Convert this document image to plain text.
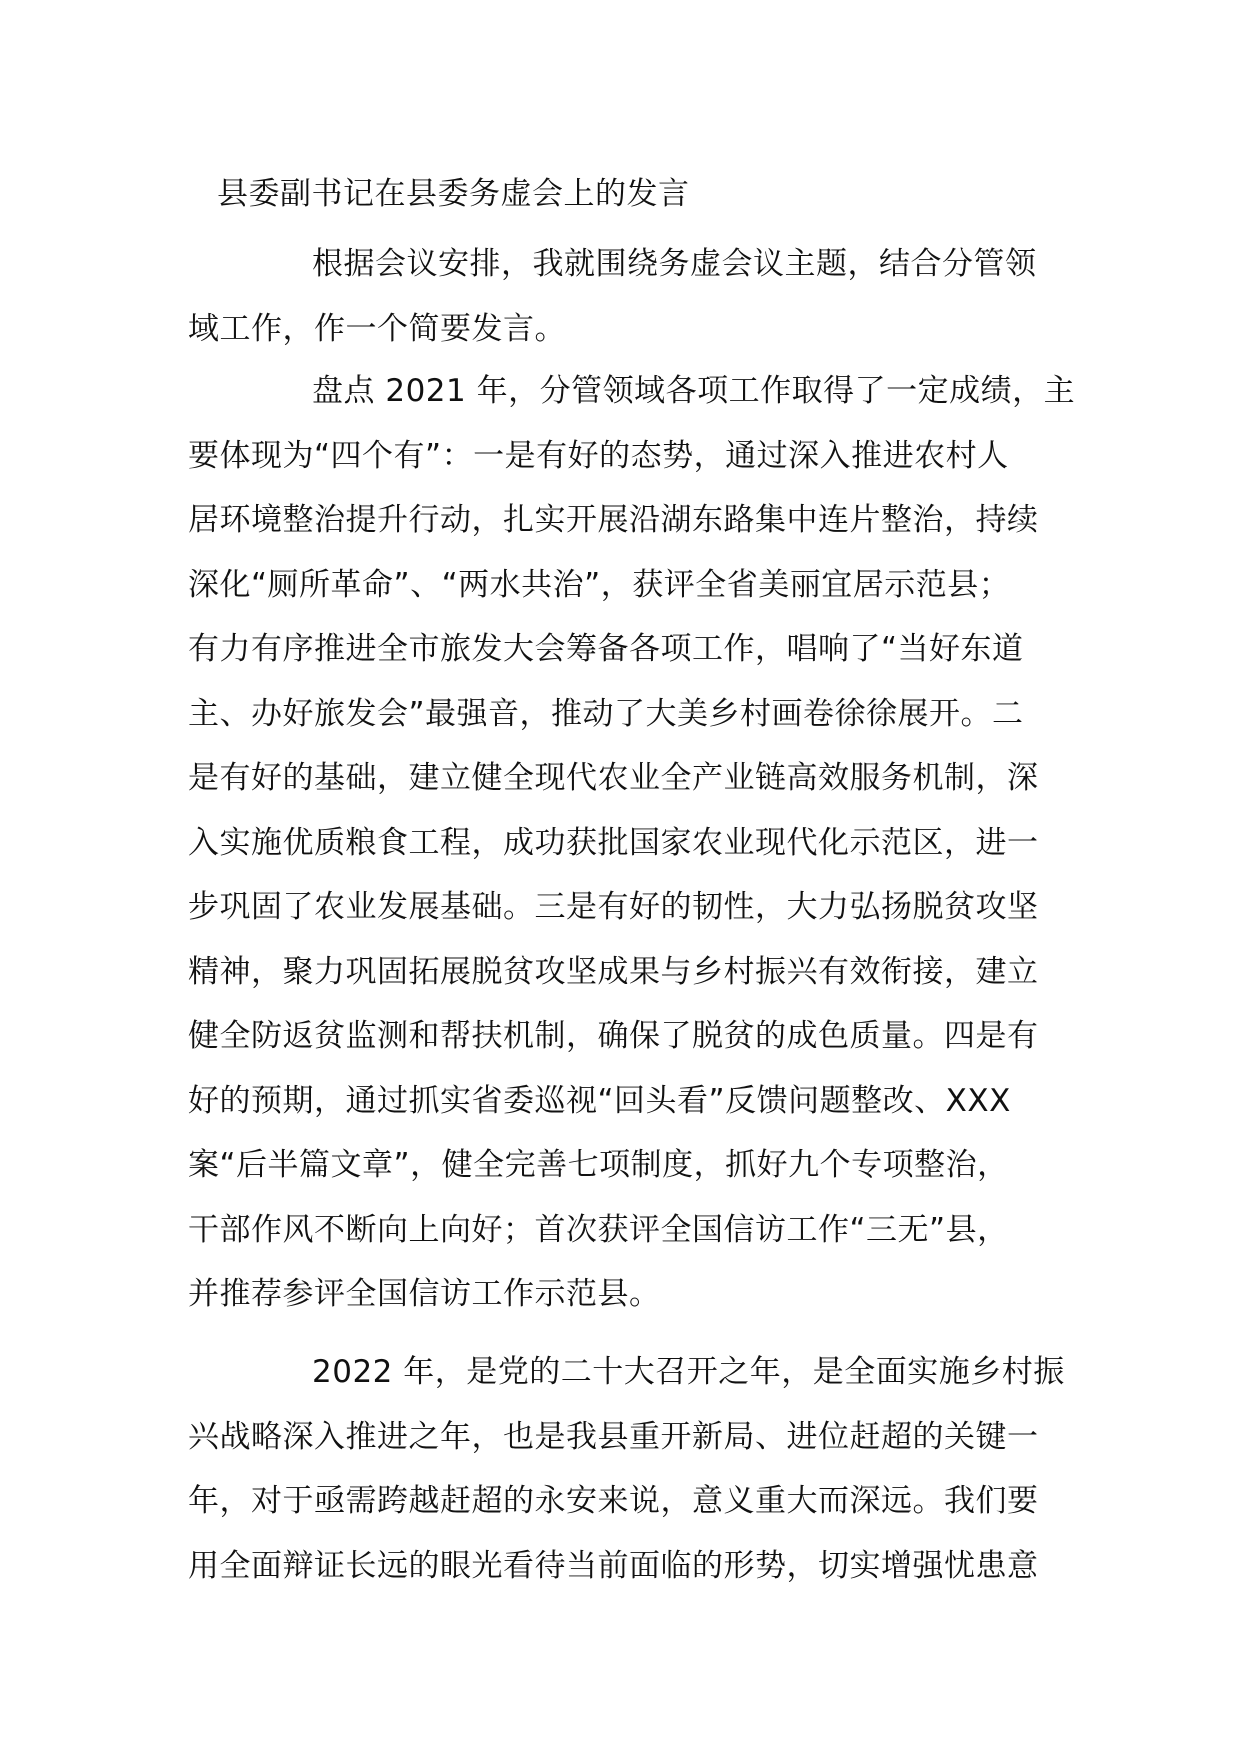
县委副书记在县委务虚会上的发言
根据会议安排，我就围绕务虚会议主题，结合分管领
域工作，作一个简要发言。
盘点 2021 年，分管领域各项工作取得了一定成绩，主
要体现为“四个有”：一是有好的态势，通过深入推进农村人
居环境整治提升行动，扎实开展沿湖东路集中连片整治，持续
深化“厕所革命”、“两水共治”，获评全省美丽宜居示范县；
有力有序推进全市旅发大会筹备各项工作，唱响了“当好东道
主、办好旅发会”最强音，推动了大美乡村画卷徐徐展开。二
是有好的基础，建立健全现代农业全产业链高效服务机制，深
入实施优质粮食工程，成功获批国家农业现代化示范区，进一
步巩固了农业发展基础。三是有好的韧性，大力弘扬脱贫攻坚
精神，聚力巩固拓展脱贫攻坚成果与乡村振兴有效衔接，建立
健全防返贫监测和帮扶机制，确保了脱贫的成色质量。四是有
好的预期，通过抓实省委巡视“回头看”反馈问题整改、XXX
案“后半篇文章”，健全完善七项制度，抓好九个专项整治，
干部作风不断向上向好；首次获评全国信访工作“三无”县，
并推荐参评全国信访工作示范县。
2022 年，是党的二十大召开之年，是全面实施乡村振
兴战略深入推进之年，也是我县重开新局、进位赶超的关键一
年，对于亟需跨越赶超的永安来说，意义重大而深远。我们要
用全面辩证长远的眼光看待当前面临的形势，切实增强忧患意
